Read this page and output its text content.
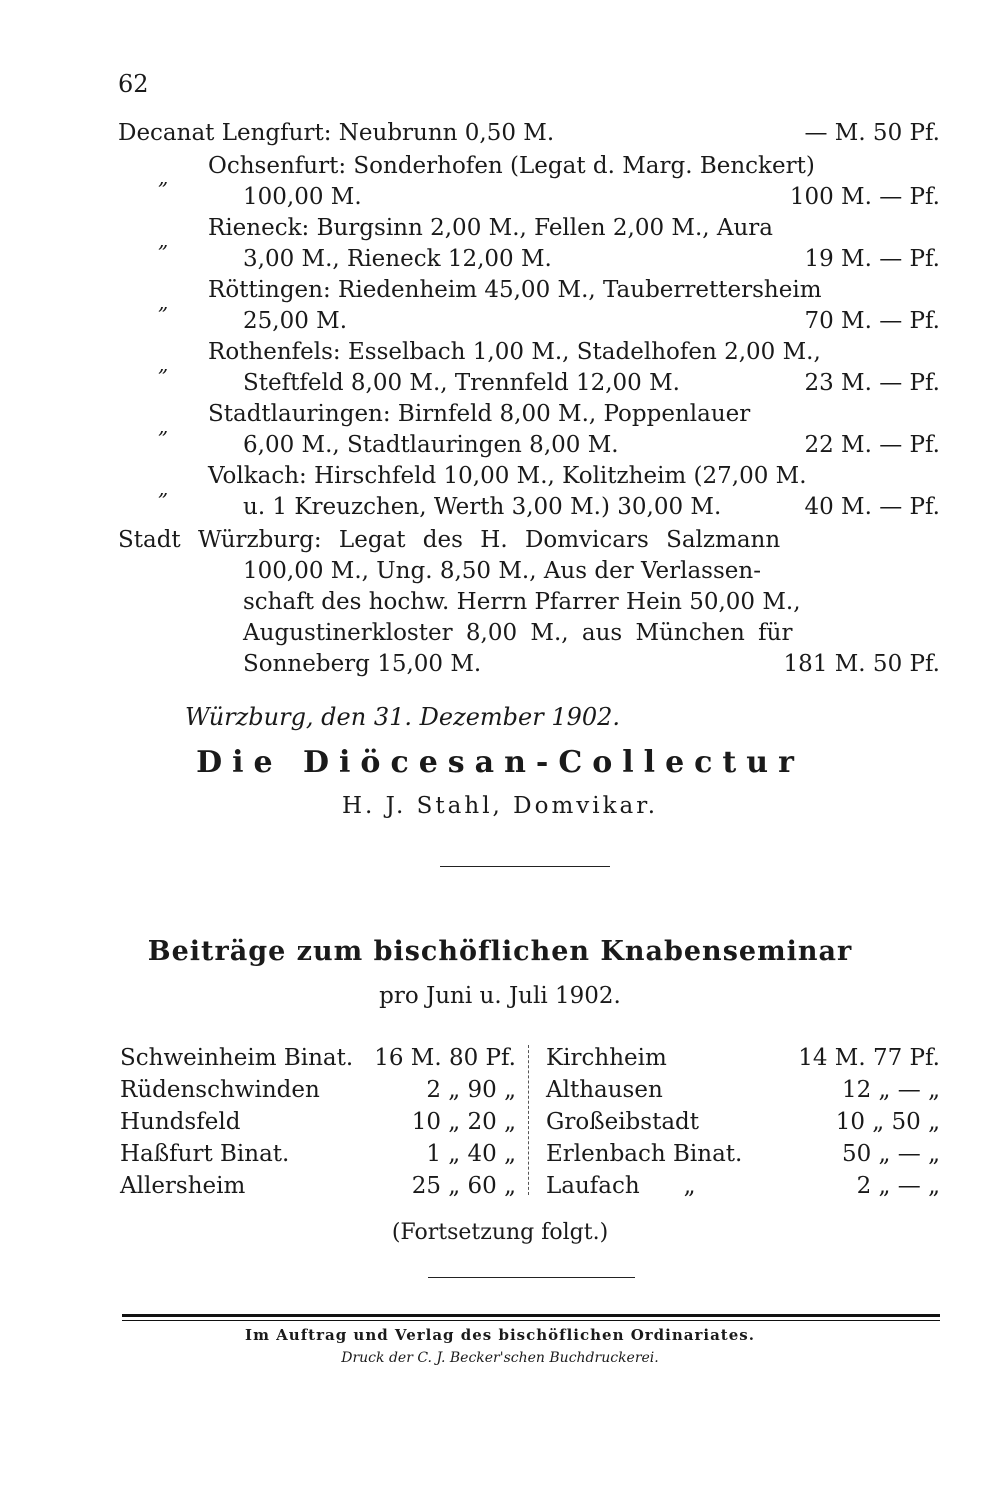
62
Decanat Lengfurt: Neubrunn 0,50 M.	— M. 50 Pf.
„ Ochsenfurt: Sonderhofen (Legat d. Marg. Benckert)
100,00 M.	100 M. — Pf.
„ Rieneck: Burgsinn 2,00 M., Fellen 2,00 M., Aura
3,00 M., Rieneck 12,00 M.	19 M. — Pf.
„ Röttingen: Riedenheim 45,00 M., Tauberrettersheim
25,00 M.	70 M. — Pf.
„ Rothenfels: Esselbach 1,00 M., Stadelhofen 2,00 M.,
Steftfeld 8,00 M., Trennfeld 12,00 M.	23 M. — Pf.
„ Stadtlauringen: Birnfeld 8,00 M., Poppenlauer
6,00 M., Stadtlauringen 8,00 M.	22 M. — Pf.
„ Volkach: Hirschfeld 10,00 M., Kolitzheim (27,00 M.
u. 1 Kreuzchen, Werth 3,00 M.) 30,00 M.	40 M. — Pf.
Stadt Würzburg: Legat des H. Domvicars Salzmann
100,00 M., Ung. 8,50 M., Aus der Verlassen-
schaft des hochw. Herrn Pfarrer Hein 50,00 M.,
Augustinerkloster 8,00 M., aus München für
Sonneberg 15,00 M.	181 M. 50 Pf.
Würzburg, den 31. Dezember 1902.
Die Diöcesan-Collectur
H. J. Stahl, Domvikar.
Beiträge zum bischöflichen Knabenseminar
pro Juni u. Juli 1902.
Schweinheim Binat. 16 M. 80 Pf.
Rüdenschwinden	2 „ 90 „
Hundsfeld	10 „ 20 „
Haßfurt Binat.	1 „ 40 „
Allersheim	25 „ 60 „
Kirchheim	14 M. 77 Pf.
Althausen	12 „ — „
Großeibstadt	10 „ 50 „
Erlenbach Binat.	50 „ — „
Laufach      „	2 „ — „
(Fortsetzung folgt.)
Im Auftrag und Verlag des bischöflichen Ordinariates.
Druck der C. J. Becker'schen Buchdruckerei.
